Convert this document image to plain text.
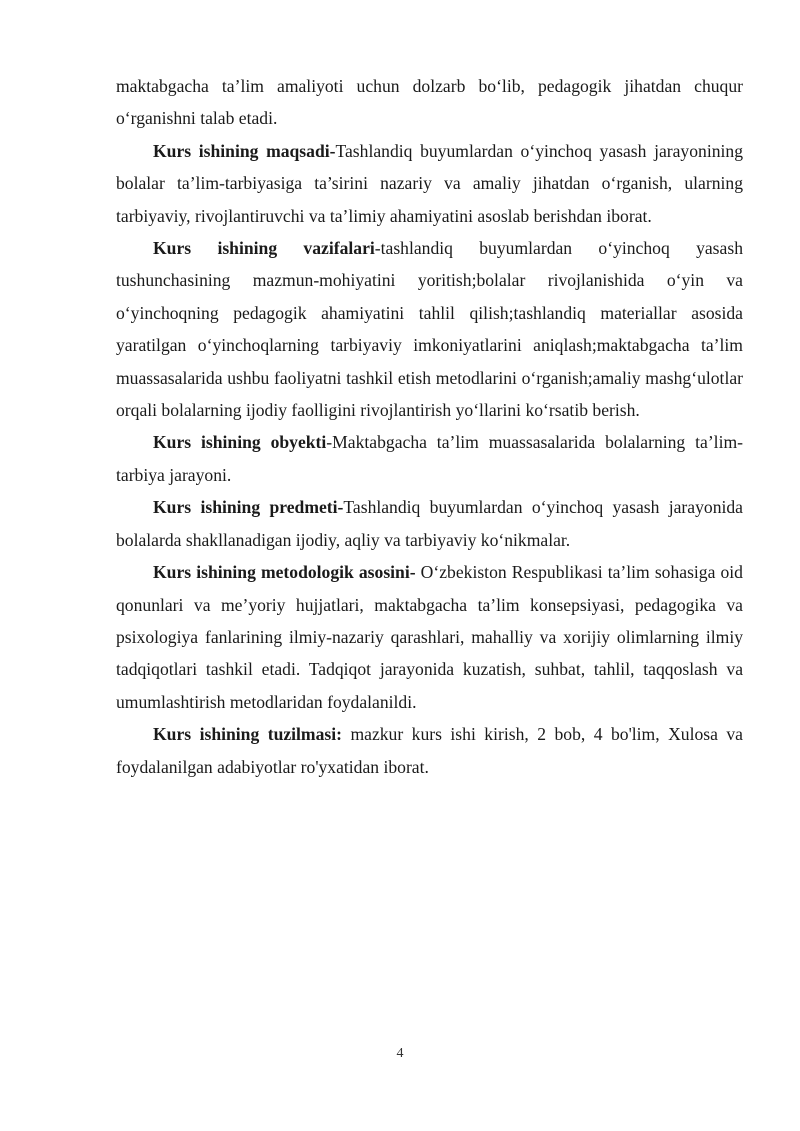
maktabgacha ta’lim amaliyoti uchun dolzarb bo‘lib, pedagogik jihatdan chuqur o‘rganishni talab etadi.

Kurs ishining maqsadi-Tashlandiq buyumlardan o‘yinchoq yasash jarayonining bolalar ta’lim-tarbiyasiga ta’sirini nazariy va amaliy jihatdan o‘rganish, ularning tarbiyaviy, rivojlantiruvchi va ta’limiy ahamiyatini asoslab berishdan iborat.

Kurs ishining vazifalari-tashlandiq buyumlardan o‘yinchoq yasash tushunchasining mazmun-mohiyatini yoritish;bolalar rivojlanishida o‘yin va o‘yinchoqning pedagogik ahamiyatini tahlil qilish;tashlandiq materiallar asosida yaratilgan o‘yinchoqlarning tarbiyaviy imkoniyatlarini aniqlash;maktabgacha ta’lim muassasalarida ushbu faoliyatni tashkil etish metodlarini o‘rganish;amaliy mashg‘ulotlar orqali bolalarning ijodiy faolligini rivojlantirish yo‘llarini ko‘rsatib berish.

Kurs ishining obyekti-Maktabgacha ta’lim muassasalarida bolalarning ta’lim-tarbiya jarayoni.

Kurs ishining predmeti-Tashlandiq buyumlardan o‘yinchoq yasash jarayonida bolalarda shakllanadigan ijodiy, aqliy va tarbiyaviy ko‘nikmalar.

Kurs ishining metodologik asosini- O‘zbekiston Respublikasi ta’lim sohasiga oid qonunlari va me’yoriy hujjatlari, maktabgacha ta’lim konsepsiyasi, pedagogika va psixologiya fanlarining ilmiy-nazariy qarashlari, mahalliy va xorijiy olimlarning ilmiy tadqiqotlari tashkil etadi. Tadqiqot jarayonida kuzatish, suhbat, tahlil, taqqoslash va umumlashtirish metodlaridan foydalanildi.

Kurs ishining tuzilmasi: mazkur kurs ishi kirish, 2 bob, 4 bo'lim, Xulosa va foydalanilgan adabiyotlar ro'yxatidan iborat.

4
